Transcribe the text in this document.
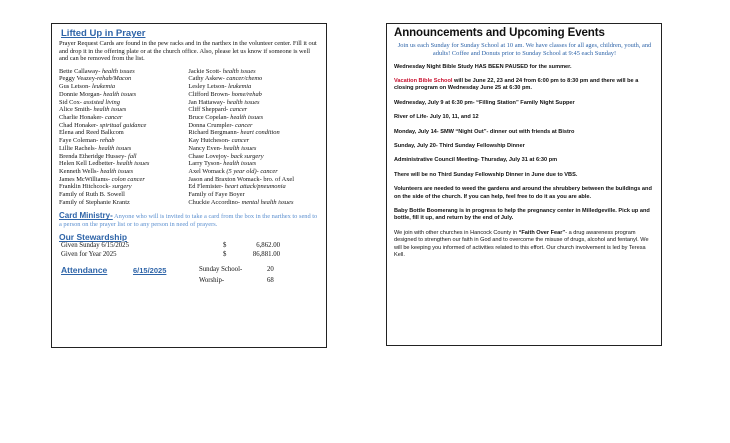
Lifted Up in Prayer
Prayer Request Cards are found in the pew racks and in the narthex in the volunteer center. Fill it out and drop it in the offering plate or at the church office. Also, please let us know if someone is well and can be removed from the list.
Bette Callaway- health issues	Jackie Scott- health issues
Peggy Veazey-rehab/Macon	Cathy Askew- cancer/chemo
Gus Letson- leukemia	Lesley Letson- leukemia
Donnie Morgan- health issues	Clifford Brown- home/rehab
Sid Cox- assisted living	Jan Hattaway- health issues
Alice Smith- health issues	Cliff Sheppard- cancer
Charlie Honaker- cancer	Bruce Copelan- health issues
Chad Honaker- spiritual guidance	Donna Crumpler- cancer
Elena and Reed Balkcom	Richard Bergmann- heart condition
Faye Coleman- rehab	Kay Hutcheson- cancer
Lillie Rachels- health issues	Nancy Even- health issues
Brenda Etheridge Hussey- fall	Chase Lovejoy- back surgery
Helen Kell Ledbetter- health issues	Larry Tyson- health issues
Kenneth Wells- health issues	Axel Womack (5 year old)- cancer
James McWilliams- colon cancer	Jason and Braxton Womack- bro. of Axel
Franklin Hitchcock- surgery	Ed Flemister- heart attack/pneumonia
Family of Ruth B. Sowell	Family of Faye Boyer
Family of Stephanie Krantz	Chuckie Accordino- mental health issues
Card Ministry- Anyone who will is invited to take a card from the box in the narthex to send to a person on the prayer list or to any person in need of prayers.
Our Stewardship
Given Sunday 6/15/2025	$	6,862.00
Given for Year 2025	$	86,881.00
Attendance	6/15/2025	Sunday School-	20
Worship-	68
Announcements and Upcoming Events
Join us each Sunday for Sunday School at 10 am. We have classes for all ages, children, youth, and adults! Coffee and Donuts prior to Sunday School at 9:45 each Sunday!
Wednesday Night Bible Study HAS BEEN PAUSED for the summer.
Vacation Bible School will be June 22, 23 and 24 from 6:00 pm to 8:30 pm and there will be a closing program on Wednesday June 25 at 6:30 pm.
Wednesday, July 9 at 6:30 pm- “Filling Station” Family Night Supper
River of Life- July 10, 11, and 12
Monday, July 14- SMW “Night Out”- dinner out with friends at Bistro
Sunday, July 20- Third Sunday Fellowship Dinner
Administrative Council Meeting- Thursday, July 31 at 6:30 pm
There will be no Third Sunday Fellowship Dinner in June due to VBS.
Volunteers are needed to weed the gardens and around the shrubbery between the buildings and on the side of the church. If you can help, feel free to do it as you are able.
Baby Bottle Boomerang is in progress to help the pregnancy center in Milledgeville. Pick up and bottle, fill it up, and return by the end of July.
We join with other churches in Hancock County in “Faith Over Fear”- a drug awareness program designed to strengthen our faith in God and to overcome the misuse of drugs, alcohol and fentanyl. We will be keeping you informed of activities related to this effort. Our church involvement is led by Teresa Kell.
